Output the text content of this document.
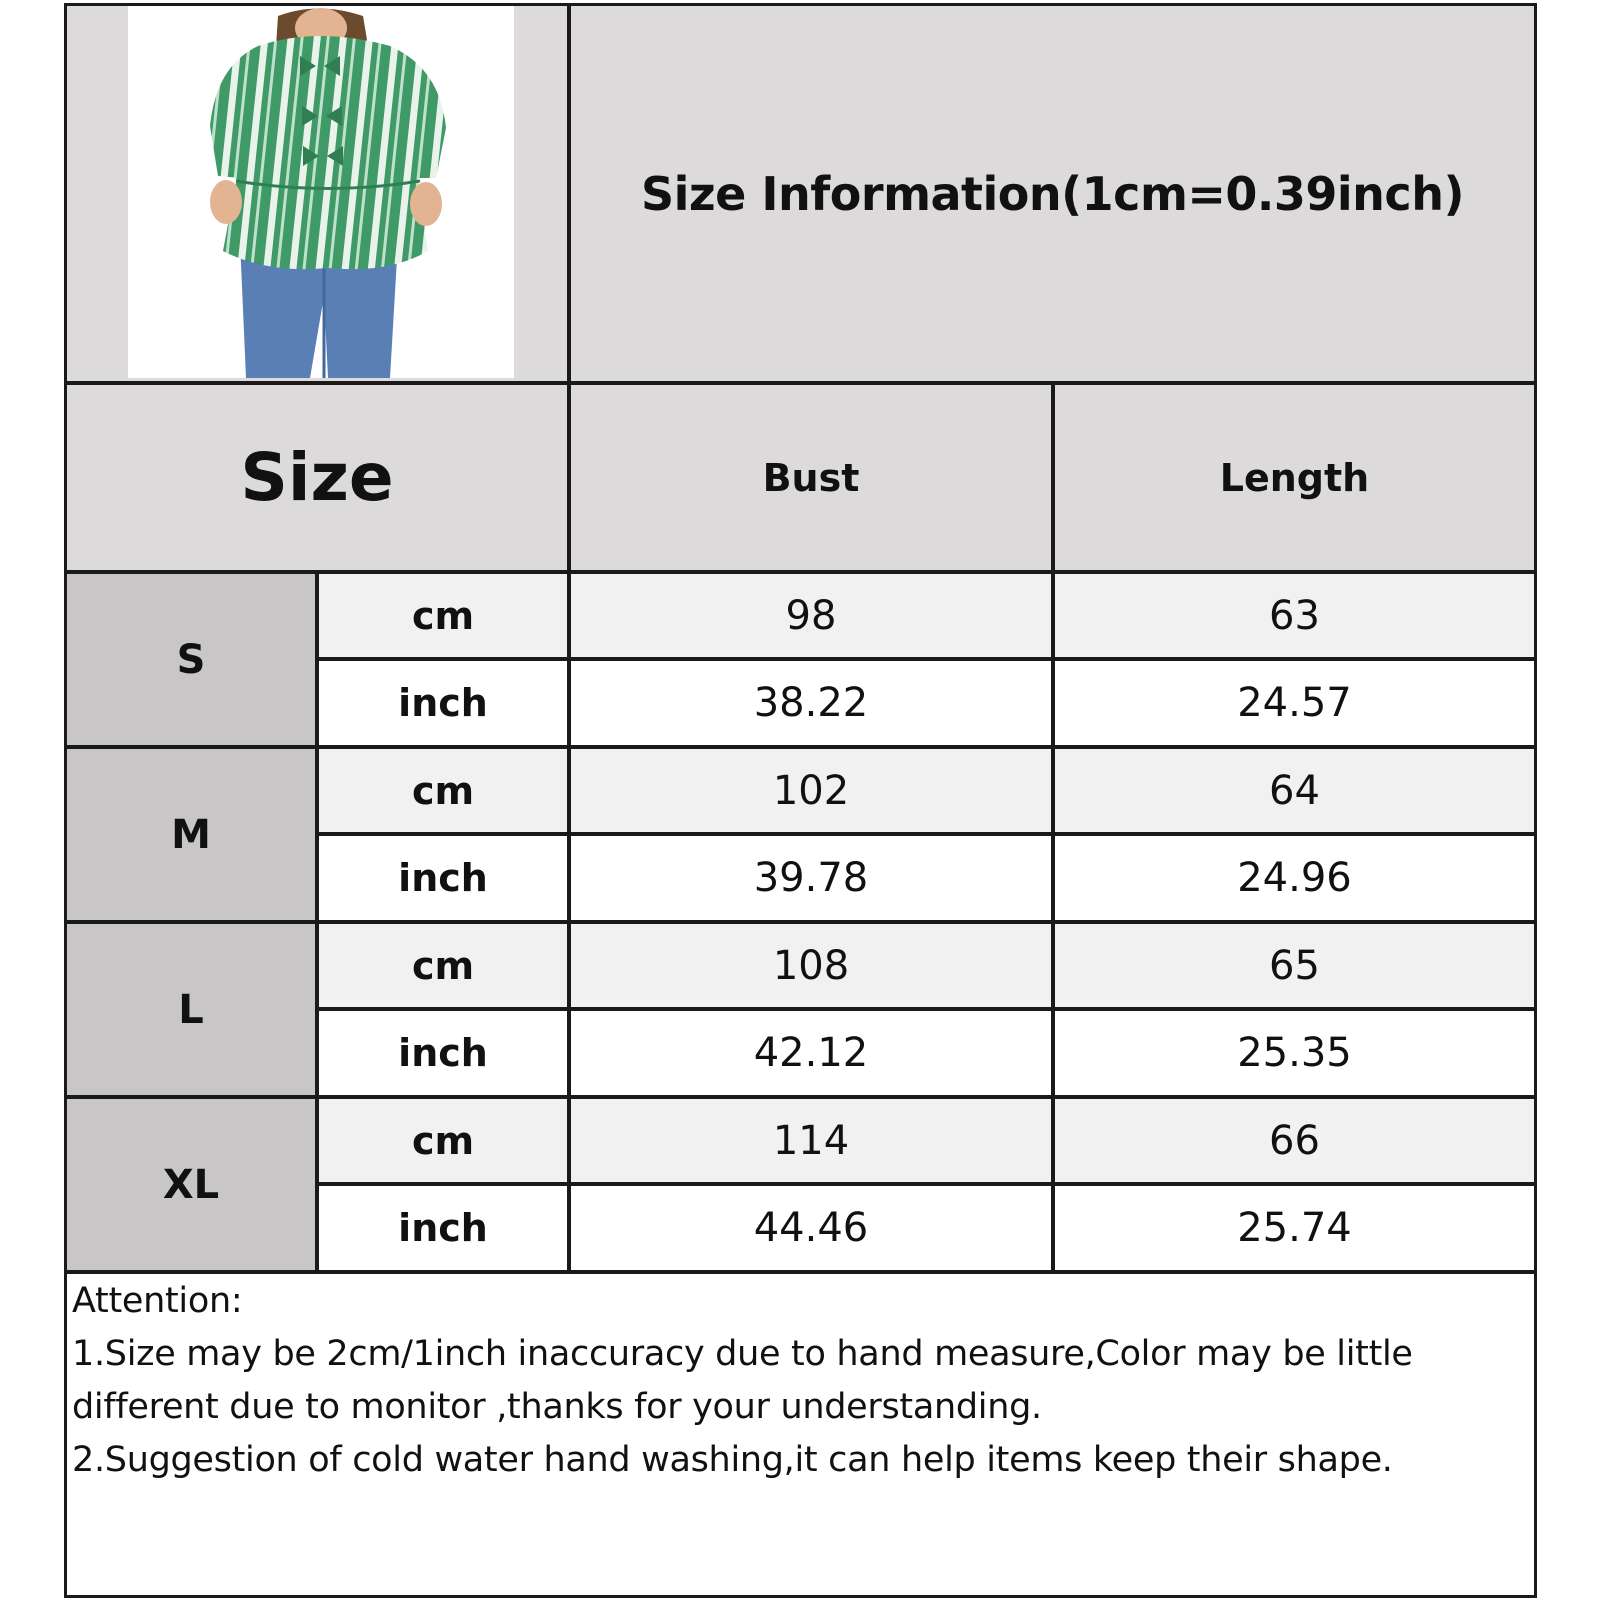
Size Information(1cm=0.39inch)
Size	Bust	Length
S
cm	98	63
inch	38.22	24.57
M
cm	102	64
inch	39.78	24.96
L
cm	108	65
inch	42.12	25.35
XL
cm	114	66
inch	44.46	25.74
Attention:
1.Size may be 2cm/1inch inaccuracy due to hand measure,Color may be little
different due to monitor ,thanks for your understanding.
2.Suggestion of cold water hand washing,it can help items keep their shape.
